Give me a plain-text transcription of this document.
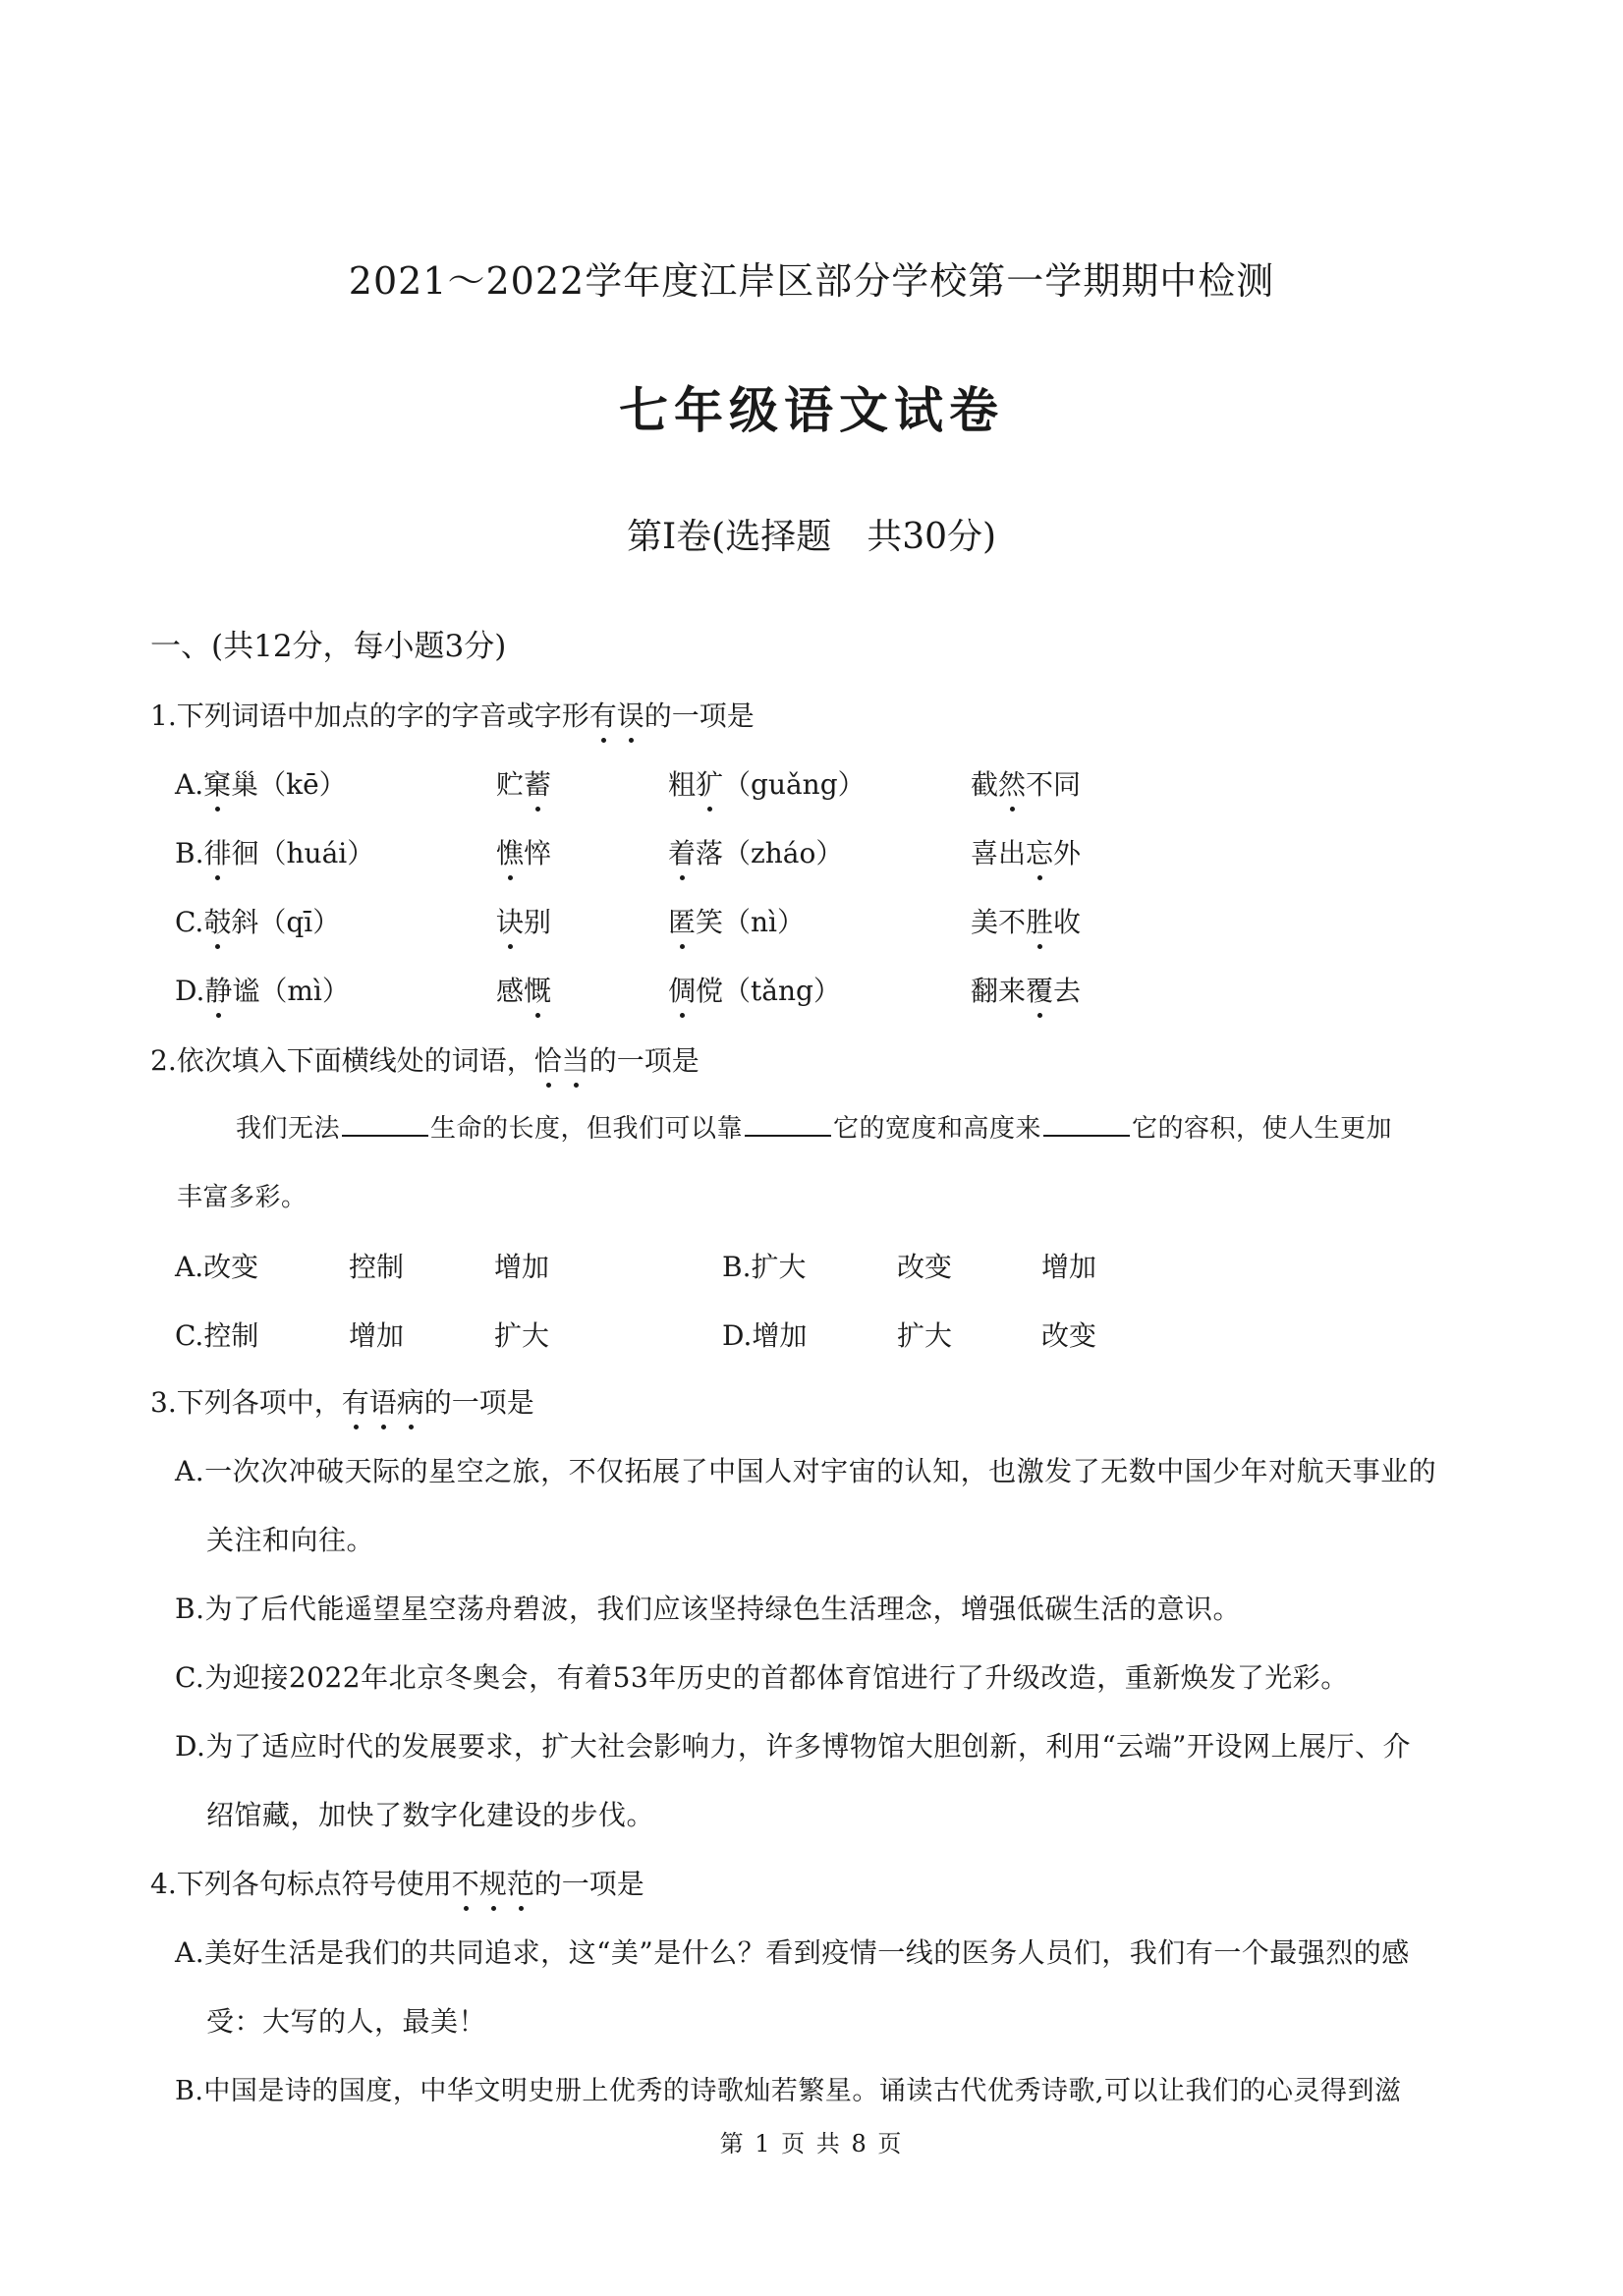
2021～2022学年度江岸区部分学校第一学期期中检测
七年级语文试卷
第Ⅰ卷(选择题　共30分)
一、(共12分，每小题3分)
1.下列词语中加点的字的字音或字形有误的一项是
A.窠巢（kē）	贮蓄	粗犷（guǎng）	截然不同
B.徘徊（huái）	憔悴	着落（zháo）	喜出忘外
C.攲斜（qī）	诀别	匿笑（nì）	美不胜收
D.静谧（mì）	感慨	倜傥（tǎng）	翻来覆去
2.依次填入下面横线处的词语，恰当的一项是
我们无法	生命的长度，但我们可以靠	它的宽度和高度来	它的容积，使人生更加
丰富多彩。
A.改变	控制	增加	B.扩大	改变	增加
C.控制	增加	扩大	D.增加	扩大	改变
3.下列各项中，有语病的一项是
A.一次次冲破天际的星空之旅，不仅拓展了中国人对宇宙的认知，也激发了无数中国少年对航天事业的
关注和向往。
B.为了后代能遥望星空荡舟碧波，我们应该坚持绿色生活理念，增强低碳生活的意识。
C.为迎接2022年北京冬奥会，有着53年历史的首都体育馆进行了升级改造，重新焕发了光彩。
D.为了适应时代的发展要求，扩大社会影响力，许多博物馆大胆创新，利用“云端”开设网上展厅、介
绍馆藏，加快了数字化建设的步伐。
4.下列各句标点符号使用不规范的一项是
A.美好生活是我们的共同追求，这“美”是什么？看到疫情一线的医务人员们，我们有一个最强烈的感
受：大写的人，最美！
B.中国是诗的国度，中华文明史册上优秀的诗歌灿若繁星。诵读古代优秀诗歌,可以让我们的心灵得到滋
第 1 页 共 8 页
